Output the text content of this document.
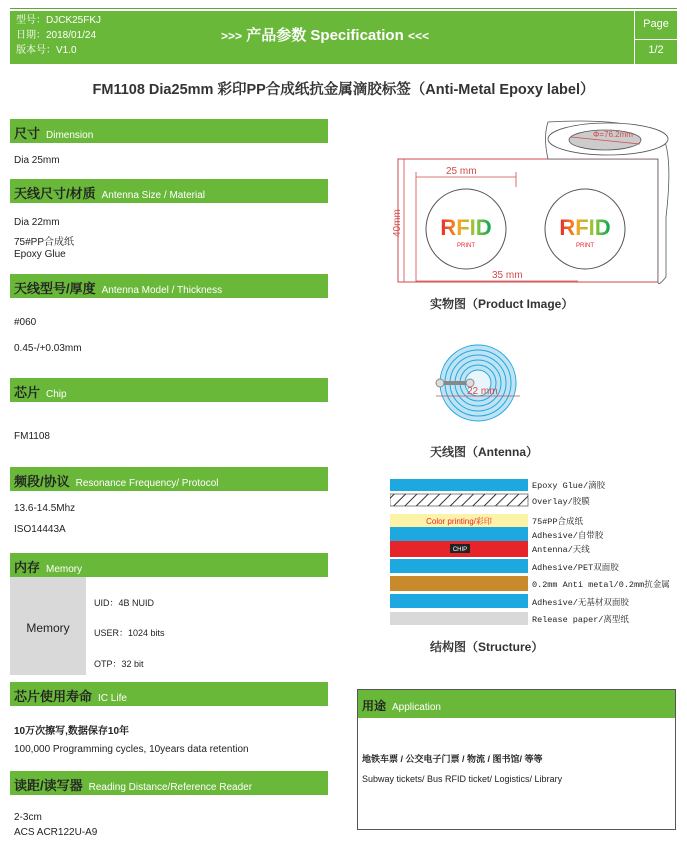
型号：DJCK25FKJ
日期：2018/01/24
版本号：V1.0
>>> 产品参数 Specification <<<
Page
1/2
FM1108 Dia25mm 彩印PP合成纸抗金属滴胶标签（Anti-Metal Epoxy label）
尺寸 Dimension
Dia 25mm
天线尺寸/材质 Antenna Size / Material
Dia 22mm
75#PP合成纸
Epoxy Glue
天线型号/厚度 Antenna Model / Thickness
#060
0.45-/+0.03mm
芯片 Chip
FM1108
频段/协议 Resonance Frequency/ Protocol
13.6-14.5Mhz
ISO14443A
内存 Memory
Memory
UID：4B NUID
USER：1024 bits
OTP：32 bit
芯片使用寿命 IC Life
10万次擦写,数据保存10年
100,000 Programming cycles, 10years data retention
读距/读写器 Reading Distance/Reference Reader
2-3cm
ACS ACR122U-A9
Φ=76.2mm
25 mm
40mm
35 mm
RFID
PRINT
RFID
PRINT
实物图（Product Image）
22 mm
天线图（Antenna）
Color printing/彩印
CHIP
Epoxy Glue/滴胶
Overlay/胶膜
75#PP合成纸
Adhesive/自带胶
Antenna/天线
Adhesive/PET双面胶
0.2mm Anti metal/0.2mm抗金属
Adhesive/无基材双面胶
Release paper/离型纸
结构图（Structure）
用途 Application
地铁车票 / 公交电子门票 / 物流 / 图书馆/ 等等
Subway tickets/ Bus RFID ticket/ Logistics/ Library
